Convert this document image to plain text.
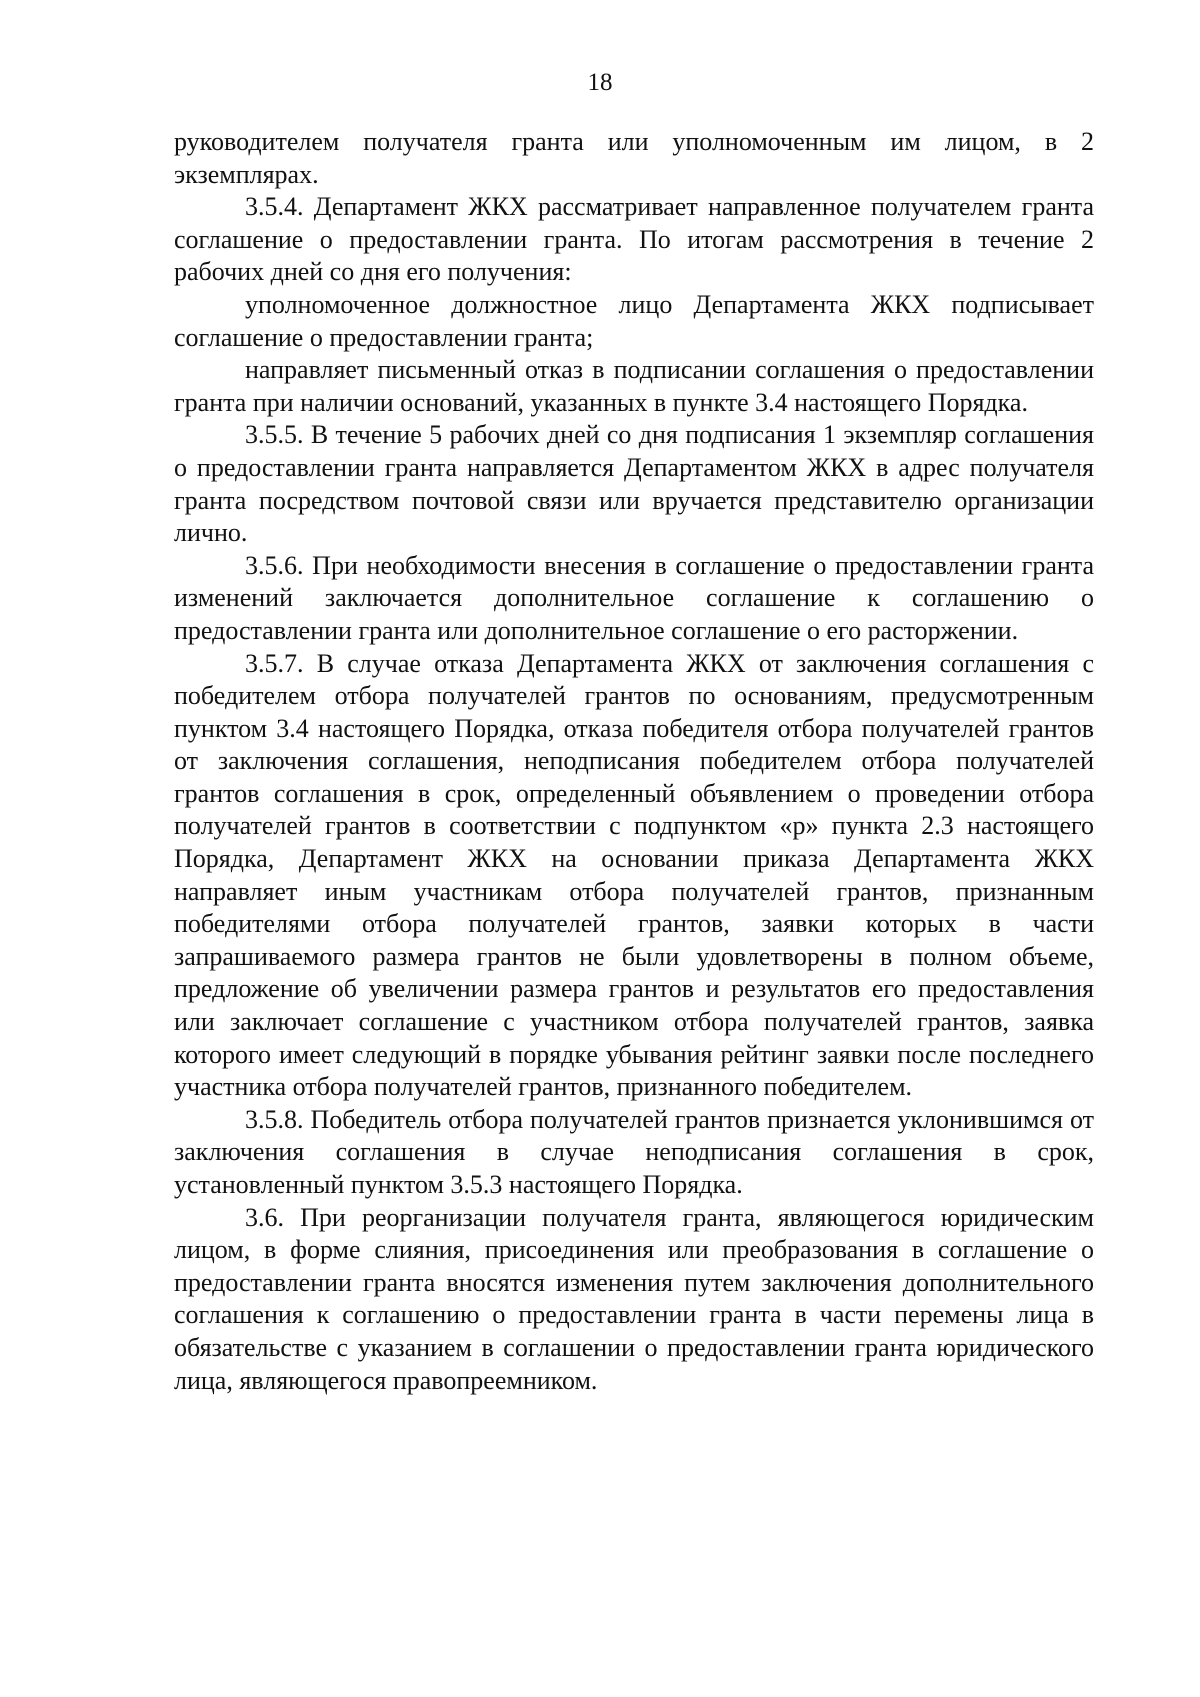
18

руководителем получателя гранта или уполномоченным им лицом, в 2 экземплярах.

3.5.4. Департамент ЖКХ рассматривает направленное получателем гранта соглашение о предоставлении гранта. По итогам рассмотрения в течение 2 рабочих дней со дня его получения:

уполномоченное должностное лицо Департамента ЖКХ подписывает соглашение о предоставлении гранта;

направляет письменный отказ в подписании соглашения о предоставлении гранта при наличии оснований, указанных в пункте 3.4 настоящего Порядка.

3.5.5. В течение 5 рабочих дней со дня подписания 1 экземпляр соглашения о предоставлении гранта направляется Департаментом ЖКХ в адрес получателя гранта посредством почтовой связи или вручается представителю организации лично.

3.5.6. При необходимости внесения в соглашение о предоставлении гранта изменений заключается дополнительное соглашение к соглашению о предоставлении гранта или дополнительное соглашение о его расторжении.

3.5.7. В случае отказа Департамента ЖКХ от заключения соглашения с победителем отбора получателей грантов по основаниям, предусмотренным пунктом 3.4 настоящего Порядка, отказа победителя отбора получателей грантов от заключения соглашения, неподписания победителем отбора получателей грантов соглашения в срок, определенный объявлением о проведении отбора получателей грантов в соответствии с подпунктом «р» пункта 2.3 настоящего Порядка, Департамент ЖКХ на основании приказа Департамента ЖКХ направляет иным участникам отбора получателей грантов, признанным победителями отбора получателей грантов, заявки которых в части запрашиваемого размера грантов не были удовлетворены в полном объеме, предложение об увеличении размера грантов и результатов его предоставления или заключает соглашение с участником отбора получателей грантов, заявка которого имеет следующий в порядке убывания рейтинг заявки после последнего участника отбора получателей грантов, признанного победителем.

3.5.8. Победитель отбора получателей грантов признается уклонившимся от заключения соглашения в случае неподписания соглашения в срок, установленный пунктом 3.5.3 настоящего Порядка.

3.6. При реорганизации получателя гранта, являющегося юридическим лицом, в форме слияния, присоединения или преобразования в соглашение о предоставлении гранта вносятся изменения путем заключения дополнительного соглашения к соглашению о предоставлении гранта в части перемены лица в обязательстве с указанием в соглашении о предоставлении гранта юридического лица, являющегося правопреемником.
